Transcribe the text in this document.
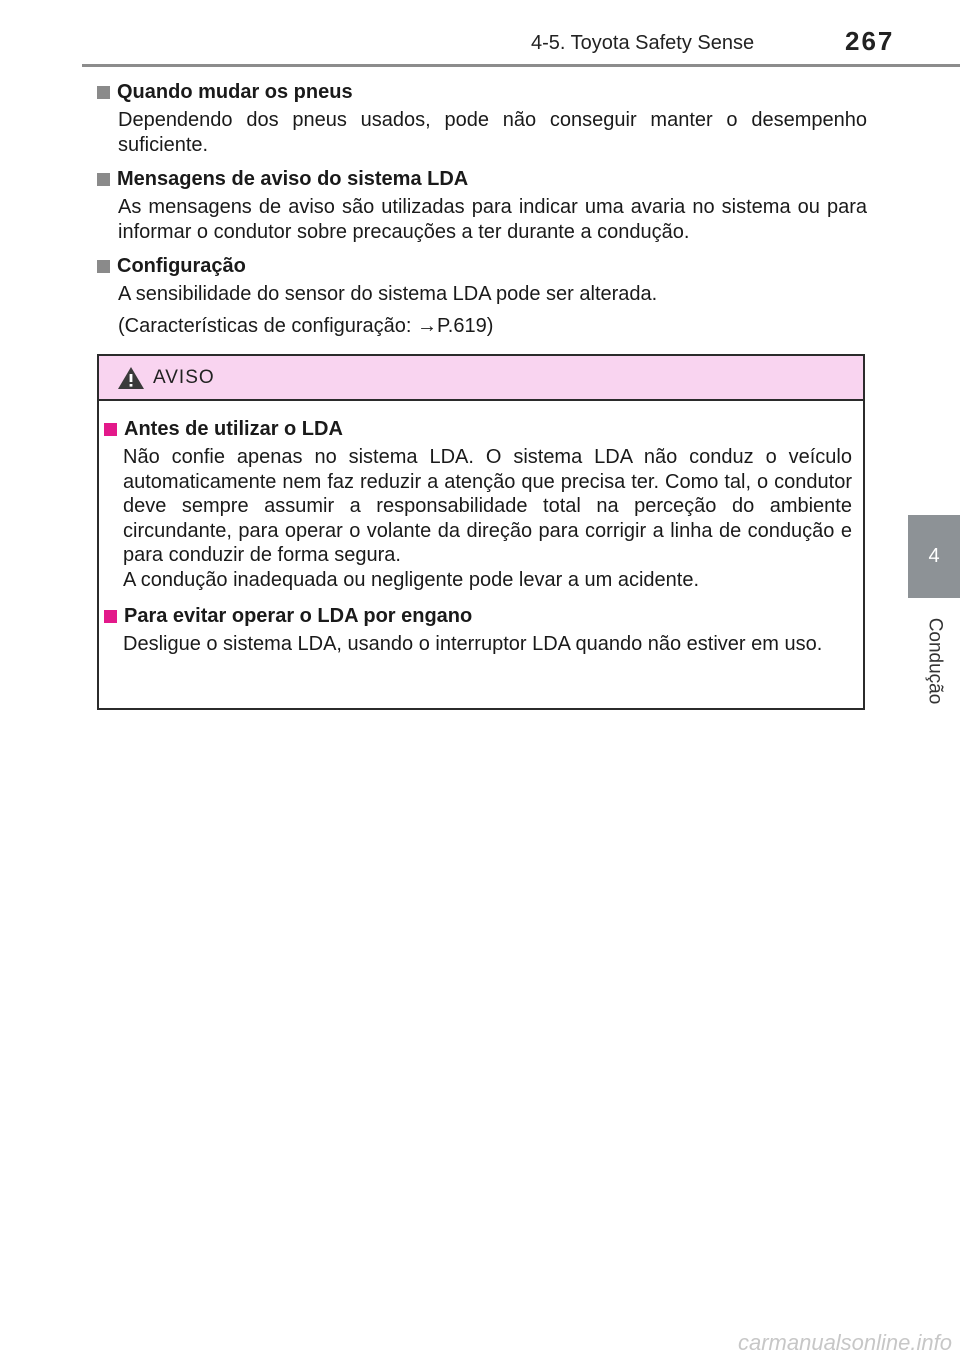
4-5. Toyota Safety Sense	267
4
Condução
Quando mudar os pneus

Dependendo dos pneus usados, pode não conseguir manter o desempenho suficiente.

Mensagens de aviso do sistema LDA

As mensagens de aviso são utilizadas para indicar uma avaria no sistema ou para informar o condutor sobre precauções a ter durante a condução.

Configuração

A sensibilidade do sensor do sistema LDA pode ser alterada.

(Características de configuração: →P.619)

AVISO
Antes de utilizar o LDA

Não confie apenas no sistema LDA. O sistema LDA não conduz o veículo automaticamente nem faz reduzir a atenção que precisa ter. Como tal, o condutor deve sempre assumir a responsabilidade total na perceção do ambiente circundante, para operar o volante da direção para corrigir a linha de condução e para conduzir de forma segura.

A condução inadequada ou negligente pode levar a um acidente.

Para evitar operar o LDA por engano

Desligue o sistema LDA, usando o interruptor LDA quando não estiver em uso.

carmanualsonline.info
